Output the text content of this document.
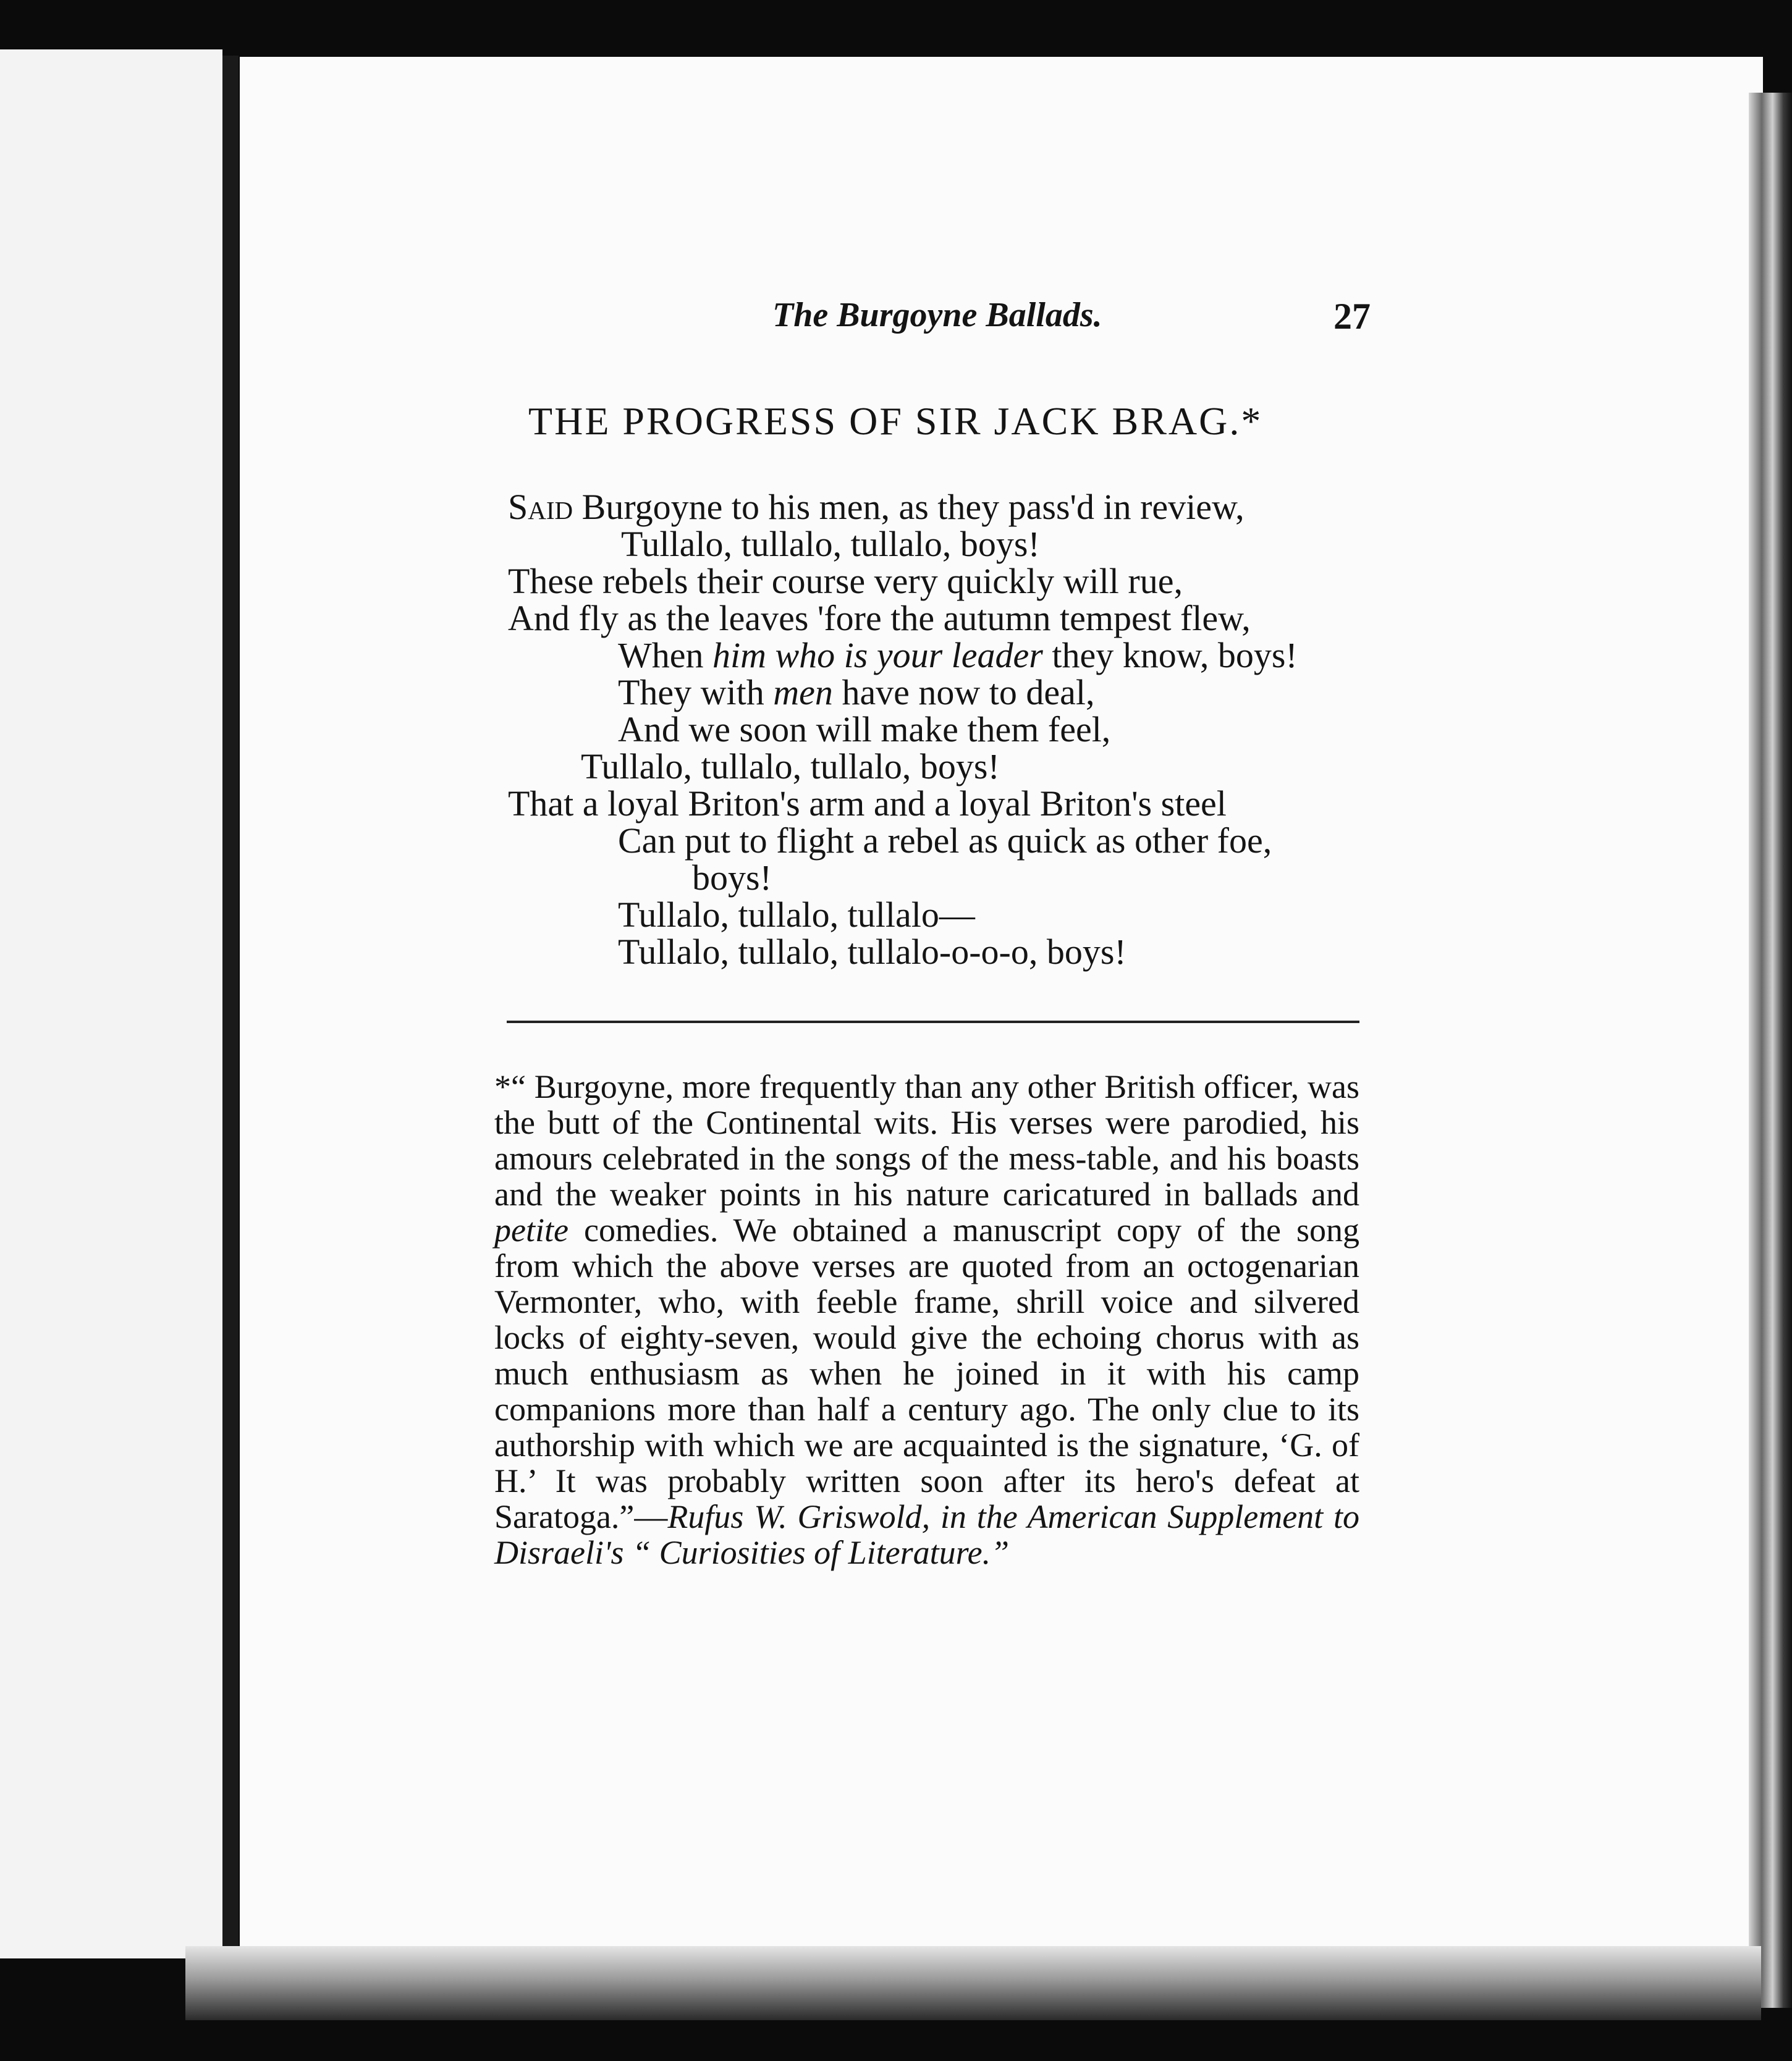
The Burgoyne Ballads.	27
THE PROGRESS OF SIR JACK BRAG.*
Said Burgoyne to his men, as they pass'd in review,
Tullalo, tullalo, tullalo, boys!
These rebels their course very quickly will rue,
And fly as the leaves 'fore the autumn tempest flew,
When him who is your leader they know, boys!
They with men have now to deal,
And we soon will make them feel,
Tullalo, tullalo, tullalo, boys!
That a loyal Briton's arm and a loyal Briton's steel
Can put to flight a rebel as quick as other foe,
boys!
Tullalo, tullalo, tullalo—
Tullalo, tullalo, tullalo-o-o-o, boys!
*“ Burgoyne, more frequently than any other British officer, was the butt of the Continental wits. His verses were parodied, his amours celebrated in the songs of the mess-table, and his boasts and the weaker points in his nature caricatured in ballads and petite comedies. We obtained a manuscript copy of the song from which the above verses are quoted from an octogenarian Vermonter, who, with feeble frame, shrill voice and silvered locks of eighty-seven, would give the echoing chorus with as much enthusiasm as when he joined in it with his camp companions more than half a century ago. The only clue to its authorship with which we are acquainted is the signature, ‘G. of H.’ It was probably written soon after its hero's defeat at Saratoga.”—Rufus W. Griswold, in the American Supplement to Disraeli's “ Curiosities of Literature.”
